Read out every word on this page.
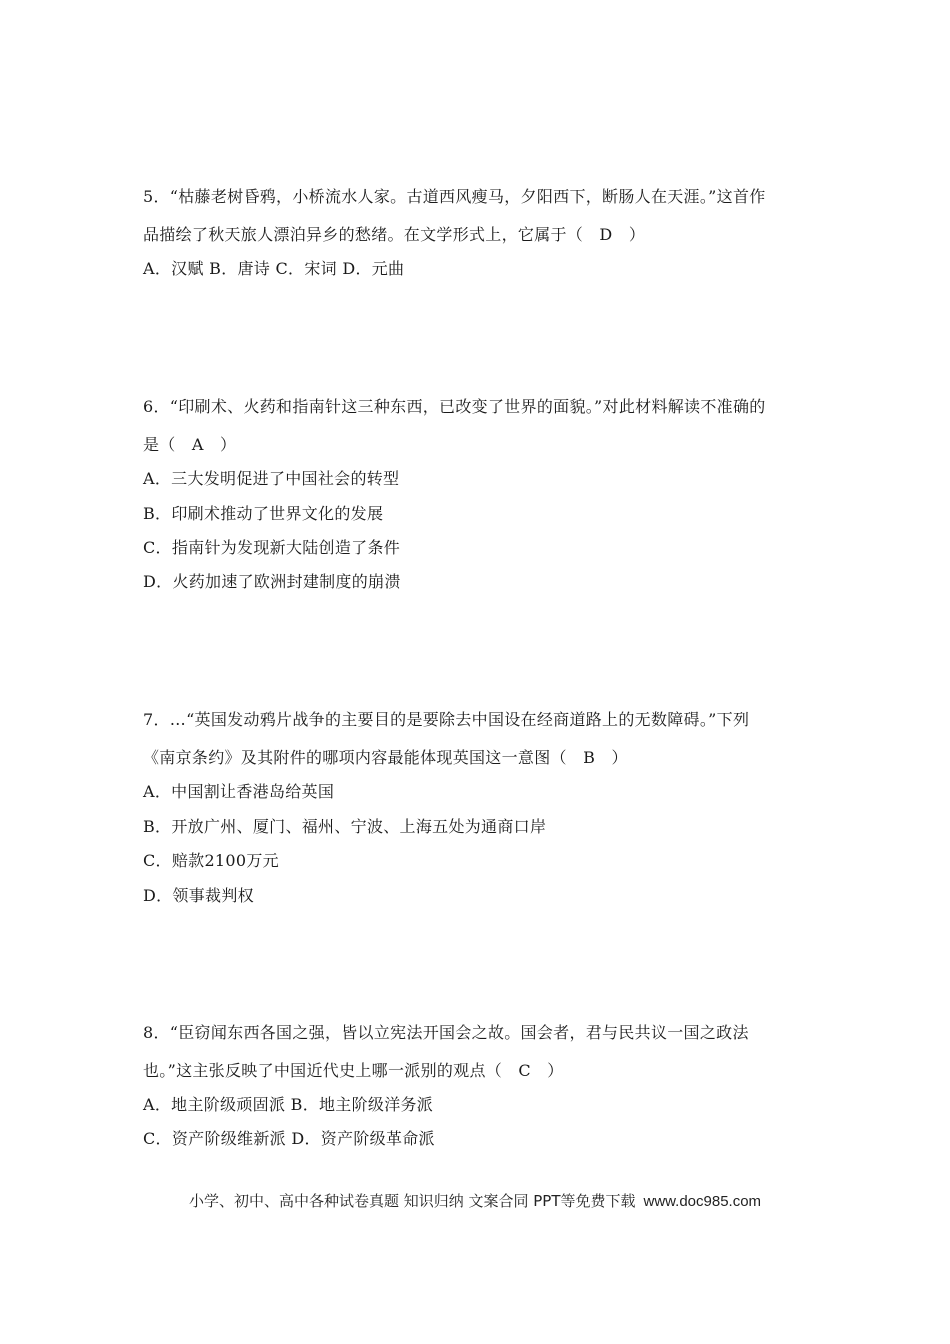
5．“枯藤老树昏鸦，小桥流水人家。古道西风瘦马，夕阳西下，断肠人在天涯。”这首作
品描绘了秋天旅人漂泊异乡的愁绪。在文学形式上，它属于（　D　）
A．汉赋 B．唐诗 C．宋词 D．元曲
6．“印刷术、火药和指南针这三种东西，已改变了世界的面貌。”对此材料解读不准确的
是（　A　）
A．三大发明促进了中国社会的转型
B．印刷术推动了世界文化的发展
C．指南针为发现新大陆创造了条件
D．火药加速了欧洲封建制度的崩溃
7．…“英国发动鸦片战争的主要目的是要除去中国设在经商道路上的无数障碍。”下列
《南京条约》及其附件的哪项内容最能体现英国这一意图（　B　）
A．中国割让香港岛给英国
B．开放广州、厦门、福州、宁波、上海五处为通商口岸
C．赔款2100万元
D．领事裁判权
8．“臣窃闻东西各国之强，皆以立宪法开国会之故。国会者，君与民共议一国之政法
也。”这主张反映了中国近代史上哪一派别的观点（　C　）
A．地主阶级顽固派 B．地主阶级洋务派
C．资产阶级维新派 D．资产阶级革命派
小学、初中、高中各种试卷真题 知识归纳 文案合同 PPT等免费下载 www.doc985.com
